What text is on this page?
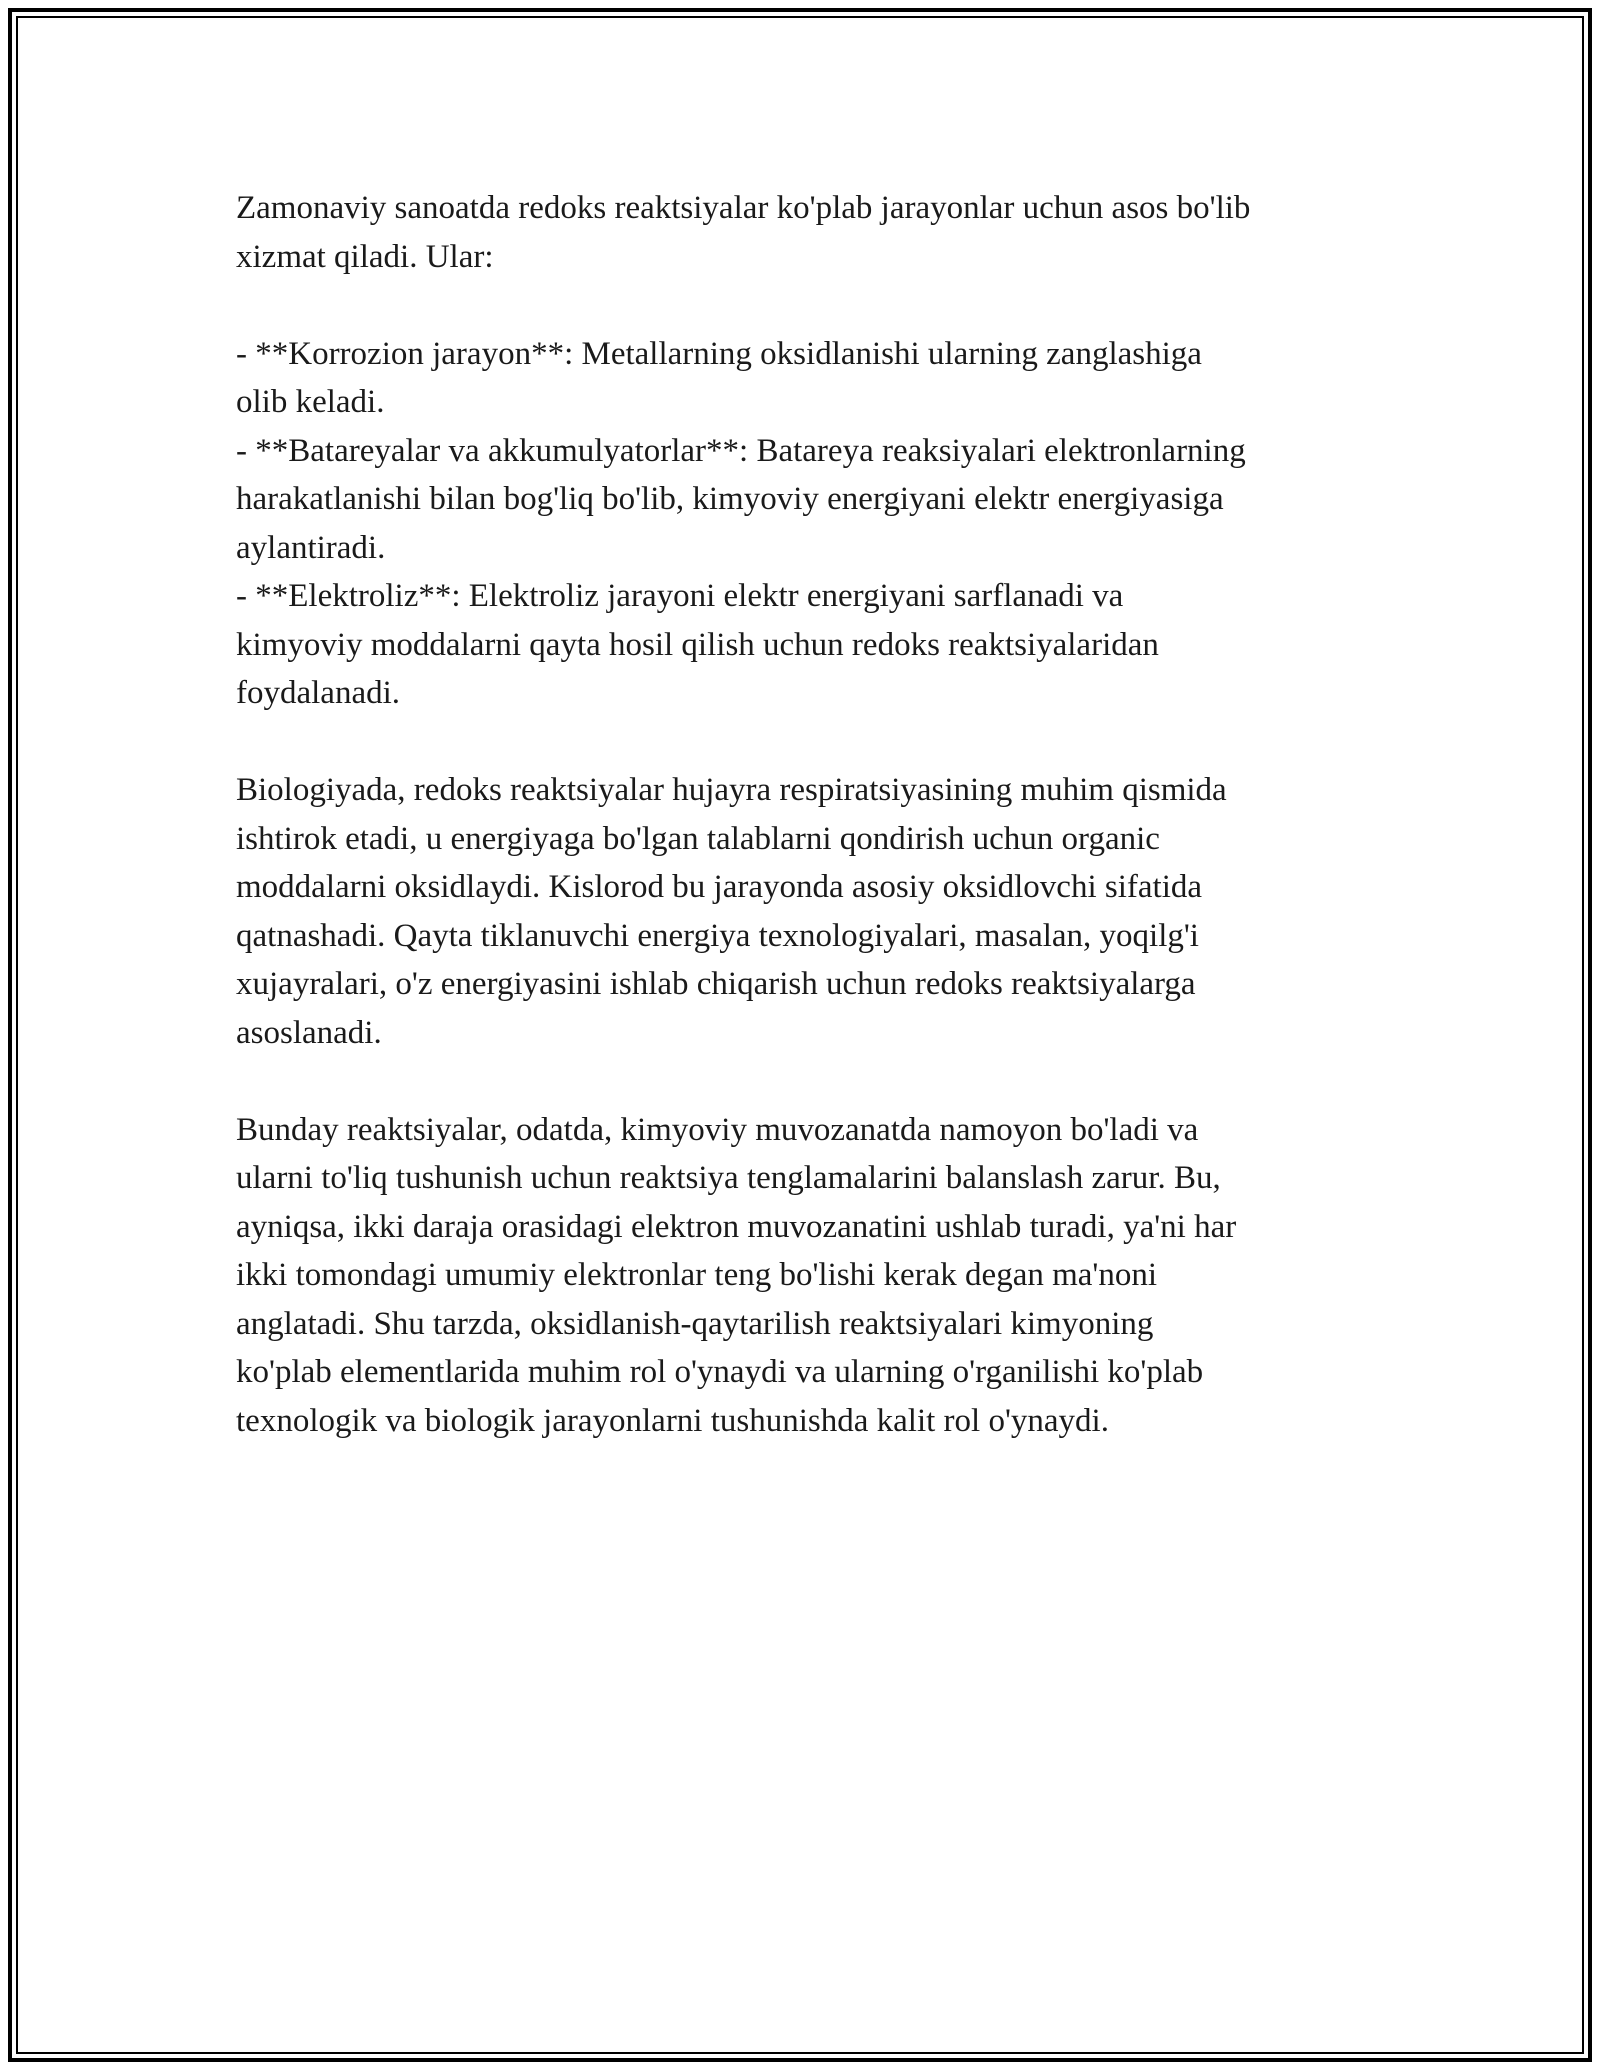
Zamonaviy sanoatda redoks reaktsiyalar ko'plab jarayonlar uchun asos bo'lib
xizmat qiladi. Ular:
- **Korrozion jarayon**: Metallarning oksidlanishi ularning zanglashiga
olib keladi.
- **Batareyalar va akkumulyatorlar**: Batareya reaksiyalari elektronlarning
harakatlanishi bilan bog'liq bo'lib, kimyoviy energiyani elektr energiyasiga
aylantiradi.
- **Elektroliz**: Elektroliz jarayoni elektr energiyani sarflanadi va
kimyoviy moddalarni qayta hosil qilish uchun redoks reaktsiyalaridan
foydalanadi.
Biologiyada, redoks reaktsiyalar hujayra respiratsiyasining muhim qismida
ishtirok etadi, u energiyaga bo'lgan talablarni qondirish uchun organic
moddalarni oksidlaydi. Kislorod bu jarayonda asosiy oksidlovchi sifatida
qatnashadi. Qayta tiklanuvchi energiya texnologiyalari, masalan, yoqilg'i
xujayralari, o'z energiyasini ishlab chiqarish uchun redoks reaktsiyalarga
asoslanadi.
Bunday reaktsiyalar, odatda, kimyoviy muvozanatda namoyon bo'ladi va
ularni to'liq tushunish uchun reaktsiya tenglamalarini balanslash zarur. Bu,
ayniqsa, ikki daraja orasidagi elektron muvozanatini ushlab turadi, ya'ni har
ikki tomondagi umumiy elektronlar teng bo'lishi kerak degan ma'noni
anglatadi. Shu tarzda, oksidlanish-qaytarilish reaktsiyalari kimyoning
ko'plab elementlarida muhim rol o'ynaydi va ularning o'rganilishi ko'plab
texnologik va biologik jarayonlarni tushunishda kalit rol o'ynaydi.
